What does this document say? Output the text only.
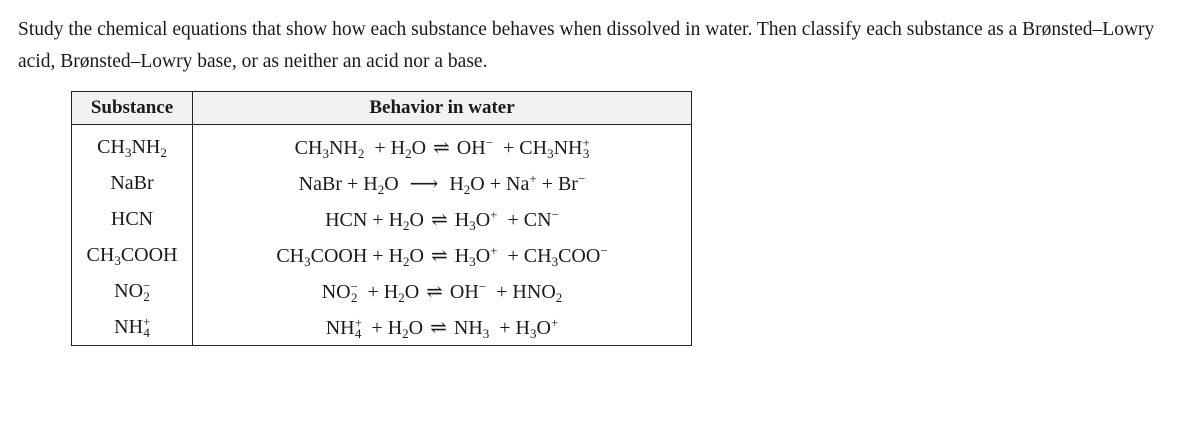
Study the chemical equations that show how each substance behaves when dissolved in water. Then classify each substance as a Brønsted–Lowry acid, Brønsted–Lowry base, or as neither an acid nor a base.
Substance	Behavior in water
$CH_3NH_2$	$CH_3NH_2 + H_2O$ ⇌ $OH^- + CH_3NH^+_3$
NaBr	NaBr + $H_2O$ ⟶ $H_2O + Na^+ + Br^-$
HCN	HCN + $H_2O$ ⇌ $H_3O^+ + CN^-$
$CH_3COOH$	$CH_3COOH + H_2O$ ⇌ $H_3O^+ + CH_3COO^-$
$NO^-_2$	$NO^-_2 + H_2O$ ⇌ $OH^- + HNO_2$
$NH^+_4$	$NH^+_4 + H_2O$ ⇌ $NH_3 + H_3O^+$
